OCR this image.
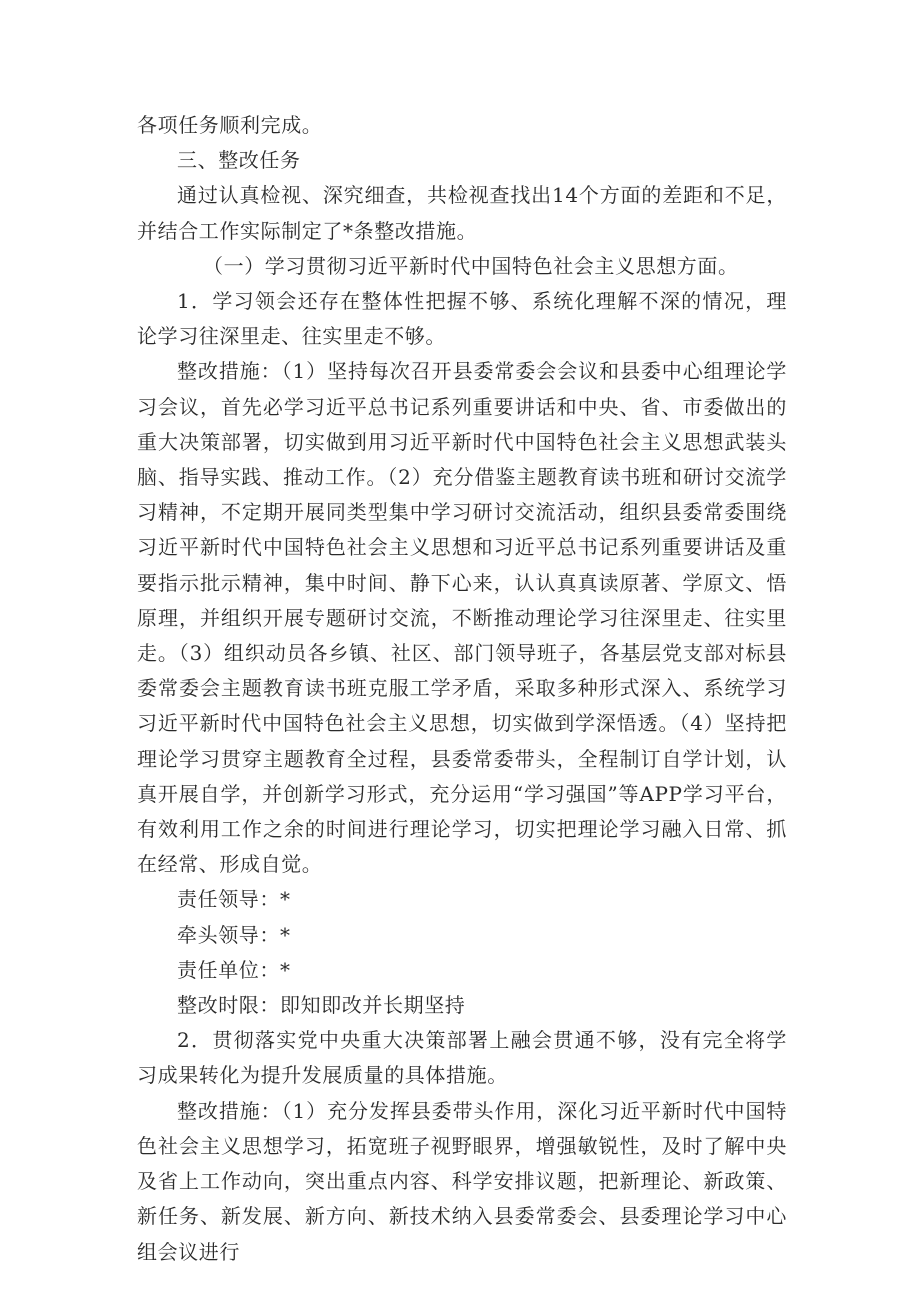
各项任务顺利完成。

三、整改任务

通过认真检视、深究细查，共检视查找出14个方面的差距和不足，并结合工作实际制定了*条整改措施。

（一）学习贯彻习近平新时代中国特色社会主义思想方面。

1．学习领会还存在整体性把握不够、系统化理解不深的情况，理论学习往深里走、往实里走不够。

整改措施：（1）坚持每次召开县委常委会会议和县委中心组理论学习会议，首先必学习近平总书记系列重要讲话和中央、省、市委做出的重大决策部署，切实做到用习近平新时代中国特色社会主义思想武装头脑、指导实践、推动工作。（2）充分借鉴主题教育读书班和研讨交流学习精神，不定期开展同类型集中学习研讨交流活动，组织县委常委围绕习近平新时代中国特色社会主义思想和习近平总书记系列重要讲话及重要指示批示精神，集中时间、静下心来，认认真真读原著、学原文、悟原理，并组织开展专题研讨交流，不断推动理论学习往深里走、往实里走。（3）组织动员各乡镇、社区、部门领导班子，各基层党支部对标县委常委会主题教育读书班克服工学矛盾，采取多种形式深入、系统学习习近平新时代中国特色社会主义思想，切实做到学深悟透。（4）坚持把理论学习贯穿主题教育全过程，县委常委带头，全程制订自学计划，认真开展自学，并创新学习形式，充分运用“学习强国”等APP学习平台，有效利用工作之余的时间进行理论学习，切实把理论学习融入日常、抓在经常、形成自觉。

责任领导：*

牵头领导：*

责任单位：*

整改时限：即知即改并长期坚持

2．贯彻落实党中央重大决策部署上融会贯通不够，没有完全将学习成果转化为提升发展质量的具体措施。

整改措施：（1）充分发挥县委带头作用，深化习近平新时代中国特色社会主义思想学习，拓宽班子视野眼界，增强敏锐性，及时了解中央及省上工作动向，突出重点内容、科学安排议题，把新理论、新政策、新任务、新发展、新方向、新技术纳入县委常委会、县委理论学习中心组会议进行
